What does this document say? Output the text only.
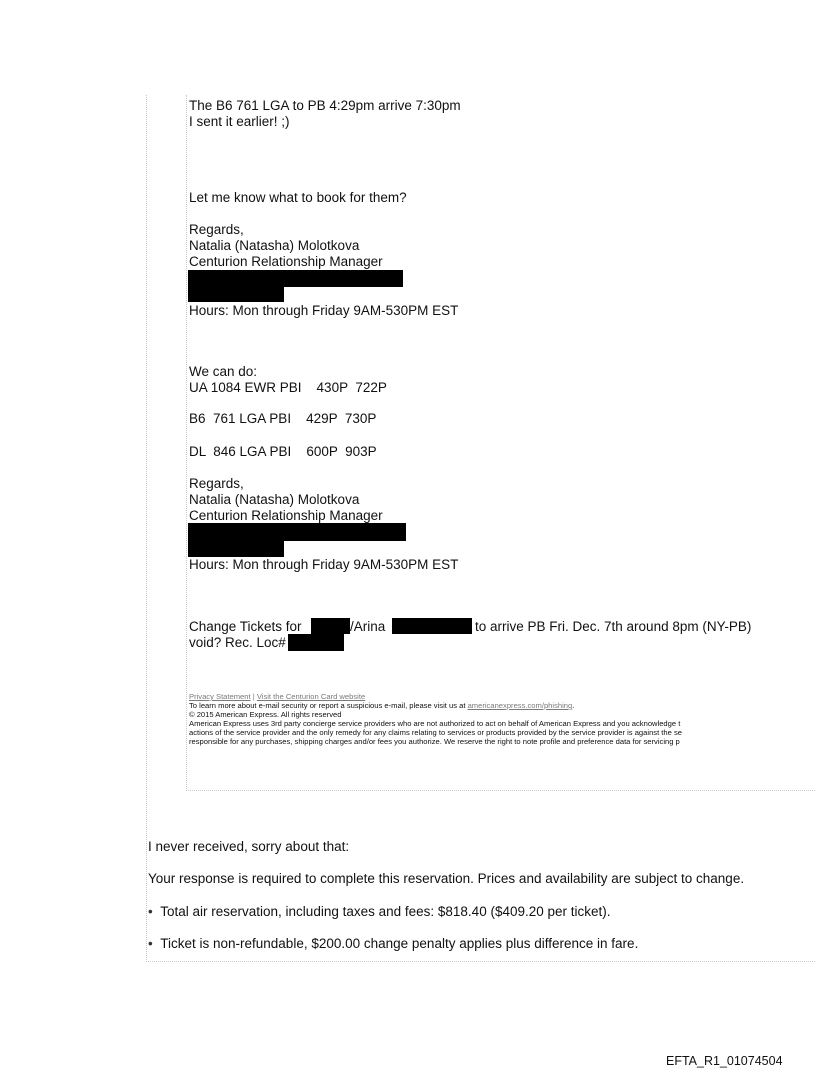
The B6 761 LGA to PB 4:29pm arrive 7:30pm

I sent it earlier! ;)

Let me know what to book for them?

Regards,

Natalia (Natasha) Molotkova

Centurion Relationship Manager

Hours: Mon through Friday 9AM-530PM EST

We can do:

UA 1084 EWR PBI    430P  722P

B6  761 LGA PBI    429P  730P

DL  846 LGA PBI    600P  903P

Regards,

Natalia (Natasha) Molotkova

Centurion Relationship Manager

Hours: Mon through Friday 9AM-530PM EST

Change Tickets for	/Arina	to arrive PB Fri. Dec. 7th around 8pm (NY-PB)

void? Rec. Loc#

Privacy Statement | Visit the Centurion Card website

To learn more about e-mail security or report a suspicious e-mail, please visit us at americanexpress.com/phishing.

© 2015 American Express. All rights reserved

American Express uses 3rd party concierge service providers who are not authorized to act on behalf of American Express and you acknowledge t

actions of the service provider and the only remedy for any claims relating to services or products provided by the service provider is against the se

responsible for any purchases, shipping charges and/or fees you authorize. We reserve the right to note profile and preference data for servicing p

I never received, sorry about that:

Your response is required to complete this reservation. Prices and availability are subject to change.

• Total air reservation, including taxes and fees: $818.40 ($409.20 per ticket).

• Ticket is non-refundable, $200.00 change penalty applies plus difference in fare.

EFTA_R1_01074504
